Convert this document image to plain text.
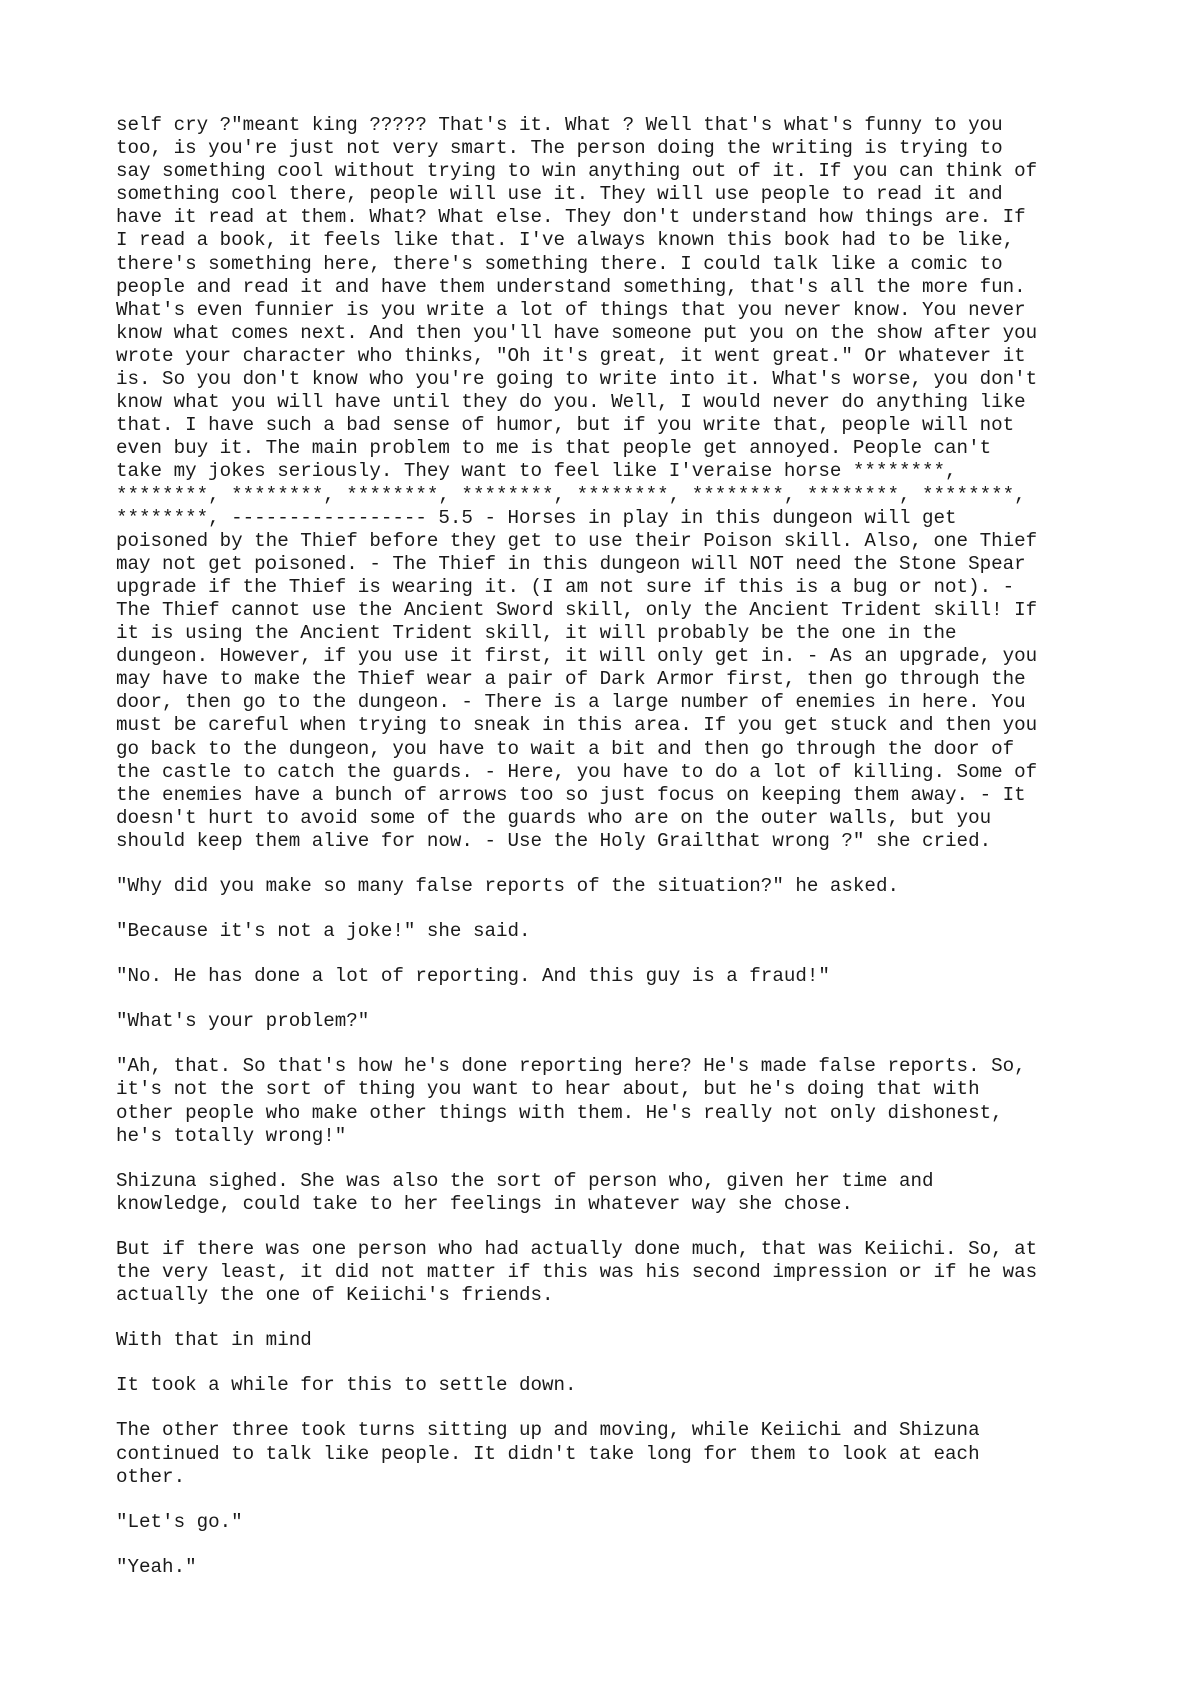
self cry ?"meant king ????? That's it. What ? Well that's what's funny to you
too, is you're just not very smart. The person doing the writing is trying to
say something cool without trying to win anything out of it. If you can think of
something cool there, people will use it. They will use people to read it and
have it read at them. What? What else. They don't understand how things are. If
I read a book, it feels like that. I've always known this book had to be like,
there's something here, there's something there. I could talk like a comic to
people and read it and have them understand something, that's all the more fun.
What's even funnier is you write a lot of things that you never know. You never
know what comes next. And then you'll have someone put you on the show after you
wrote your character who thinks, "Oh it's great, it went great." Or whatever it
is. So you don't know who you're going to write into it. What's worse, you don't
know what you will have until they do you. Well, I would never do anything like
that. I have such a bad sense of humor, but if you write that, people will not
even buy it. The main problem to me is that people get annoyed. People can't
take my jokes seriously. They want to feel like I'veraise horse ********,
********, ********, ********, ********, ********, ********, ********, ********,
********, ----------------- 5.5 - Horses in play in this dungeon will get
poisoned by the Thief before they get to use their Poison skill. Also, one Thief
may not get poisoned. - The Thief in this dungeon will NOT need the Stone Spear
upgrade if the Thief is wearing it. (I am not sure if this is a bug or not). -
The Thief cannot use the Ancient Sword skill, only the Ancient Trident skill! If
it is using the Ancient Trident skill, it will probably be the one in the
dungeon. However, if you use it first, it will only get in. - As an upgrade, you
may have to make the Thief wear a pair of Dark Armor first, then go through the
door, then go to the dungeon. - There is a large number of enemies in here. You
must be careful when trying to sneak in this area. If you get stuck and then you
go back to the dungeon, you have to wait a bit and then go through the door of
the castle to catch the guards. - Here, you have to do a lot of killing. Some of
the enemies have a bunch of arrows too so just focus on keeping them away. - It
doesn't hurt to avoid some of the guards who are on the outer walls, but you
should keep them alive for now. - Use the Holy Grailthat wrong ?" she cried.

"Why did you make so many false reports of the situation?" he asked.

"Because it's not a joke!" she said.

"No. He has done a lot of reporting. And this guy is a fraud!"

"What's your problem?"

"Ah, that. So that's how he's done reporting here? He's made false reports. So,
it's not the sort of thing you want to hear about, but he's doing that with
other people who make other things with them. He's really not only dishonest,
he's totally wrong!"

Shizuna sighed. She was also the sort of person who, given her time and
knowledge, could take to her feelings in whatever way she chose.

But if there was one person who had actually done much, that was Keiichi. So, at
the very least, it did not matter if this was his second impression or if he was
actually the one of Keiichi's friends.

With that in mind

It took a while for this to settle down.

The other three took turns sitting up and moving, while Keiichi and Shizuna
continued to talk like people. It didn't take long for them to look at each
other.

"Let's go."

"Yeah."
